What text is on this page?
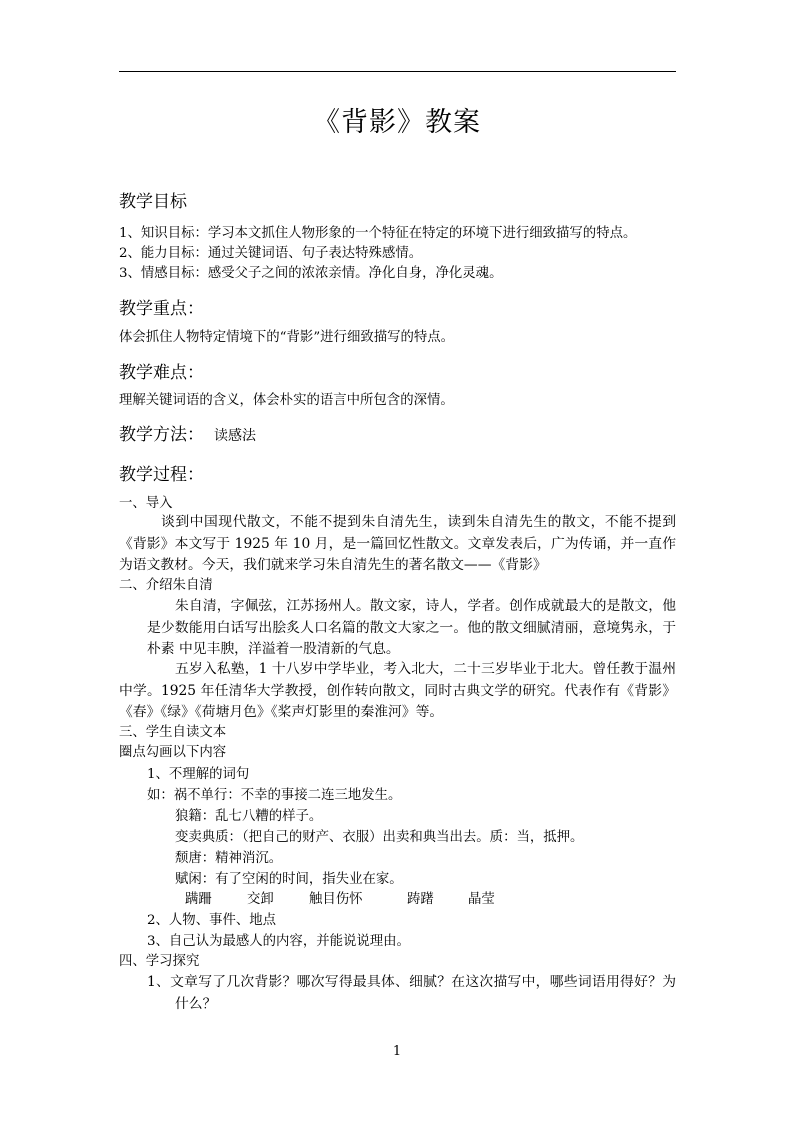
《背影》教案
教学目标
1、知识目标：学习本文抓住人物形象的一个特征在特定的环境下进行细致描写的特点。
2、能力目标：通过关键词语、句子表达特殊感情。
3、情感目标：感受父子之间的浓浓亲情。净化自身，净化灵魂。
教学重点：
体会抓住人物特定情境下的“背影”进行细致描写的特点。
教学难点：
理解关键词语的含义，体会朴实的语言中所包含的深情。
教学方法： 读感法
教学过程：
一、导入
谈到中国现代散文，不能不提到朱自清先生，读到朱自清先生的散文，不能不提到《背影》本文写于 1925 年 10 月，是一篇回忆性散文。文章发表后，广为传诵，并一直作为语文教材。今天，我们就来学习朱自清先生的著名散文——《背影》
二、介绍朱自清
朱自清，字佩弦，江苏扬州人。散文家，诗人，学者。创作成就最大的是散文，他是少数能用白话写出脍炙人口名篇的散文大家之一。他的散文细腻清丽，意境隽永，于朴素 中见丰腴，洋溢着一股清新的气息。
五岁入私塾，1 十八岁中学毕业，考入北大，二十三岁毕业于北大。曾任教于温州中学。1925 年任清华大学教授，创作转向散文，同时古典文学的研究。代表作有《背影》《春》《绿》《荷塘月色》《桨声灯影里的秦淮河》等。
三、学生自读文本
圈点勾画以下内容
1、不理解的词句
如：祸不单行：不幸的事接二连三地发生。
狼籍：乱七八糟的样子。
变卖典质：（把自己的财产、衣服）出卖和典当出去。质：当，抵押。
颓唐：精神消沉。
赋闲：有了空闲的时间，指失业在家。
蹒跚	交卸	触目伤怀	踌躇	晶莹
2、人物、事件、地点
3、自己认为最感人的内容，并能说说理由。
四、学习探究
1、文章写了几次背影？哪次写得最具体、细腻？在这次描写中，哪些词语用得好？为什么？
1
